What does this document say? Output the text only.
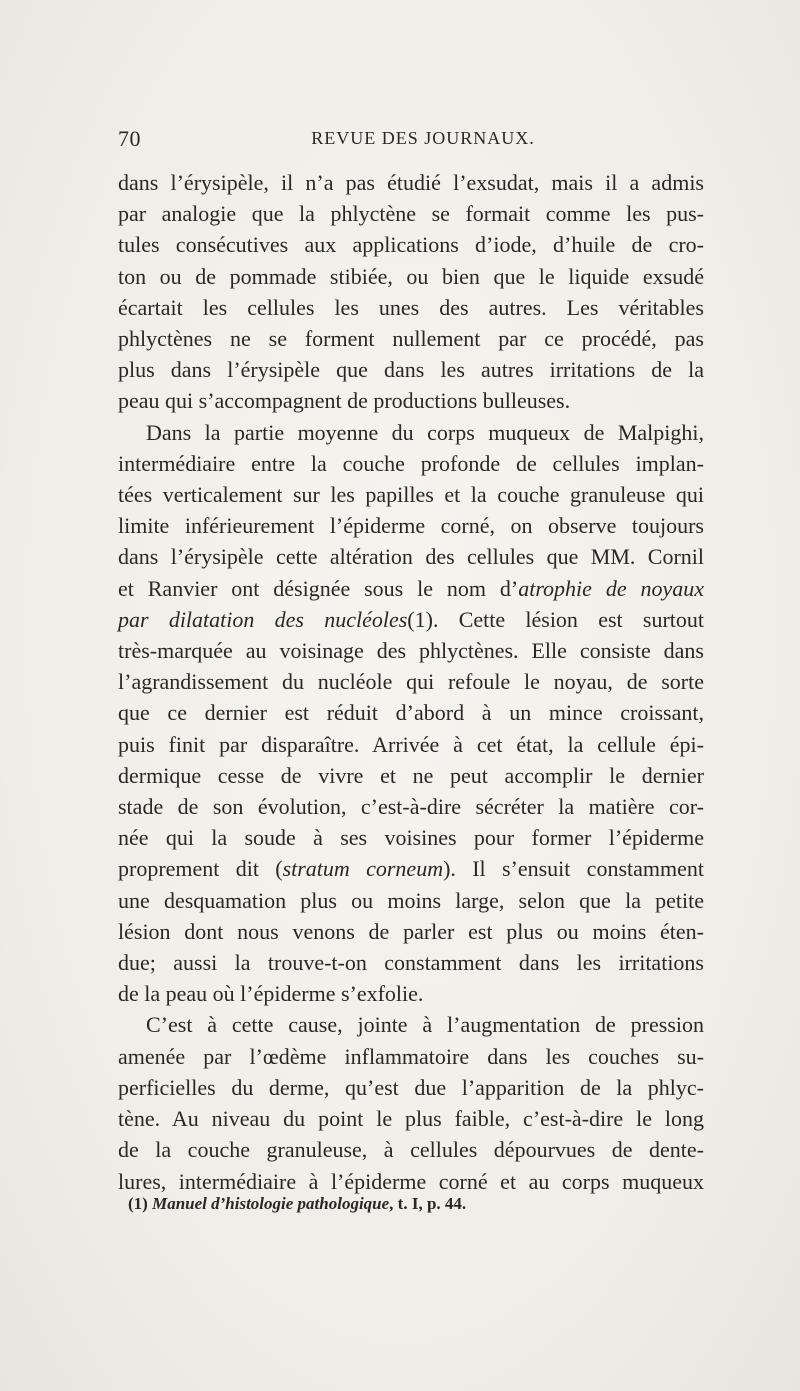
70	REVUE DES JOURNAUX.

dans l’érysipèle, il n’a pas étudié l’exsudat, mais il a admis
par analogie que la phlyctène se formait comme les pus-
tules consécutives aux applications d’iode, d’huile de cro-
ton ou de pommade stibiée, ou bien que le liquide exsudé
écartait les cellules les unes des autres. Les véritables
phlyctènes ne se forment nullement par ce procédé, pas
plus dans l’érysipèle que dans les autres irritations de la
peau qui s’accompagnent de productions bulleuses.

Dans la partie moyenne du corps muqueux de Malpighi,
intermédiaire entre la couche profonde de cellules implan-
tées verticalement sur les papilles et la couche granuleuse qui
limite inférieurement l’épiderme corné, on observe toujours
dans l’érysipèle cette altération des cellules que MM. Cornil
et Ranvier ont désignée sous le nom d’atrophie de noyaux
par dilatation des nucléoles(1). Cette lésion est surtout
très-marquée au voisinage des phlyctènes. Elle consiste dans
l’agrandissement du nucléole qui refoule le noyau, de sorte
que ce dernier est réduit d’abord à un mince croissant,
puis finit par disparaître. Arrivée à cet état, la cellule épi-
dermique cesse de vivre et ne peut accomplir le dernier
stade de son évolution, c’est-à-dire sécréter la matière cor-
née qui la soude à ses voisines pour former l’épiderme
proprement dit (stratum corneum). Il s’ensuit constamment
une desquamation plus ou moins large, selon que la petite
lésion dont nous venons de parler est plus ou moins éten-
due; aussi la trouve-t-on constamment dans les irritations
de la peau où l’épiderme s’exfolie.

C’est à cette cause, jointe à l’augmentation de pression
amenée par l’œdème inflammatoire dans les couches su-
perficielles du derme, qu’est due l’apparition de la phlyc-
tène. Au niveau du point le plus faible, c’est-à-dire le long
de la couche granuleuse, à cellules dépourvues de dente-
lures, intermédiaire à l’épiderme corné et au corps muqueux

(1) Manuel d’histologie pathologique, t. I, p. 44.
